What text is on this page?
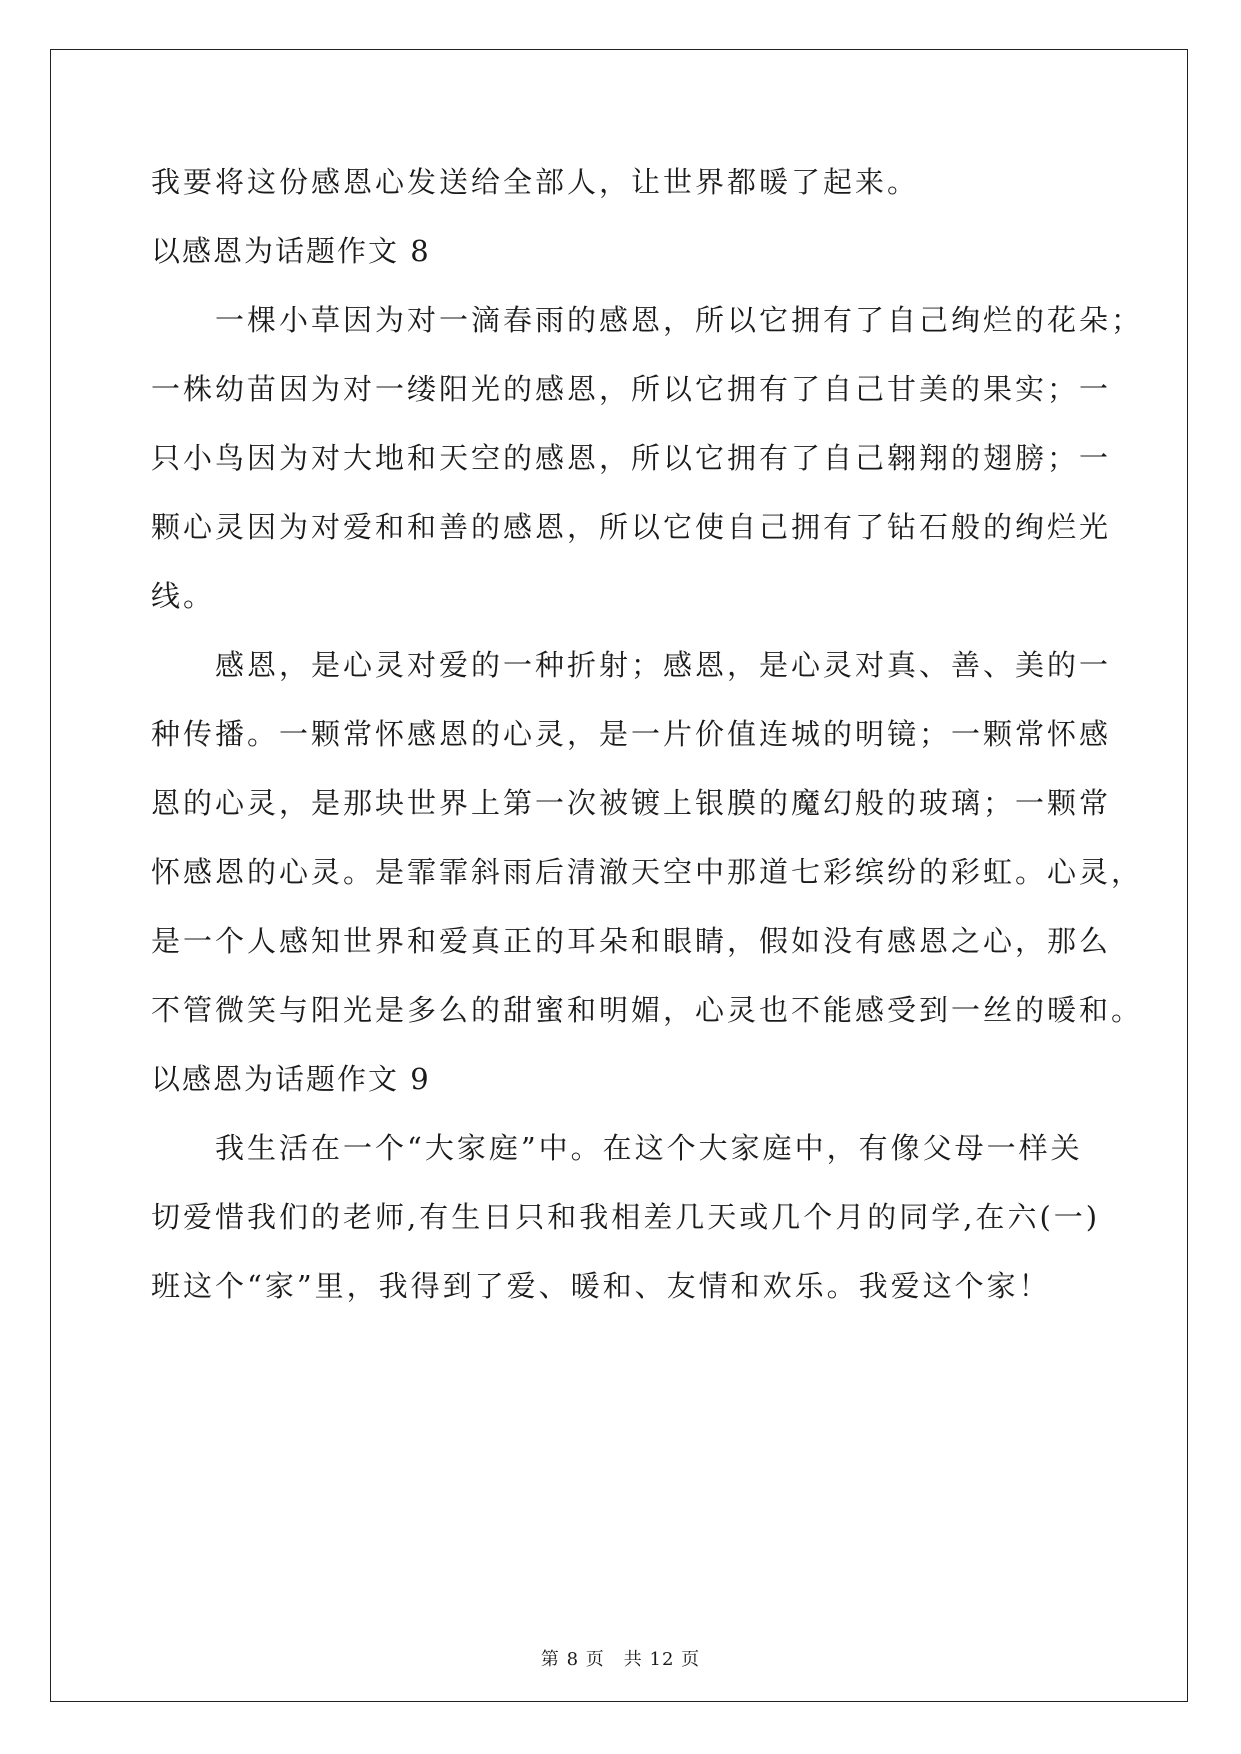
我要将这份感恩心发送给全部人，让世界都暖了起来。
以感恩为话题作文 8
　　一棵小草因为对一滴春雨的感恩，所以它拥有了自己绚烂的花朵；
一株幼苗因为对一缕阳光的感恩，所以它拥有了自己甘美的果实；一
只小鸟因为对大地和天空的感恩，所以它拥有了自己翱翔的翅膀；一
颗心灵因为对爱和和善的感恩，所以它使自己拥有了钻石般的绚烂光
线。
　　感恩，是心灵对爱的一种折射；感恩，是心灵对真、善、美的一
种传播。一颗常怀感恩的心灵，是一片价值连城的明镜；一颗常怀感
恩的心灵，是那块世界上第一次被镀上银膜的魔幻般的玻璃；一颗常
怀感恩的心灵。是霏霏斜雨后清澈天空中那道七彩缤纷的彩虹。心灵，
是一个人感知世界和爱真正的耳朵和眼睛，假如没有感恩之心，那么
不管微笑与阳光是多么的甜蜜和明媚，心灵也不能感受到一丝的暖和。
以感恩为话题作文 9
　　我生活在一个“大家庭”中。在这个大家庭中，有像父母一样关
切爱惜我们的老师,有生日只和我相差几天或几个月的同学,在六(一)
班这个“家”里，我得到了爱、暖和、友情和欢乐。我爱这个家！
第 8 页　共 12 页
